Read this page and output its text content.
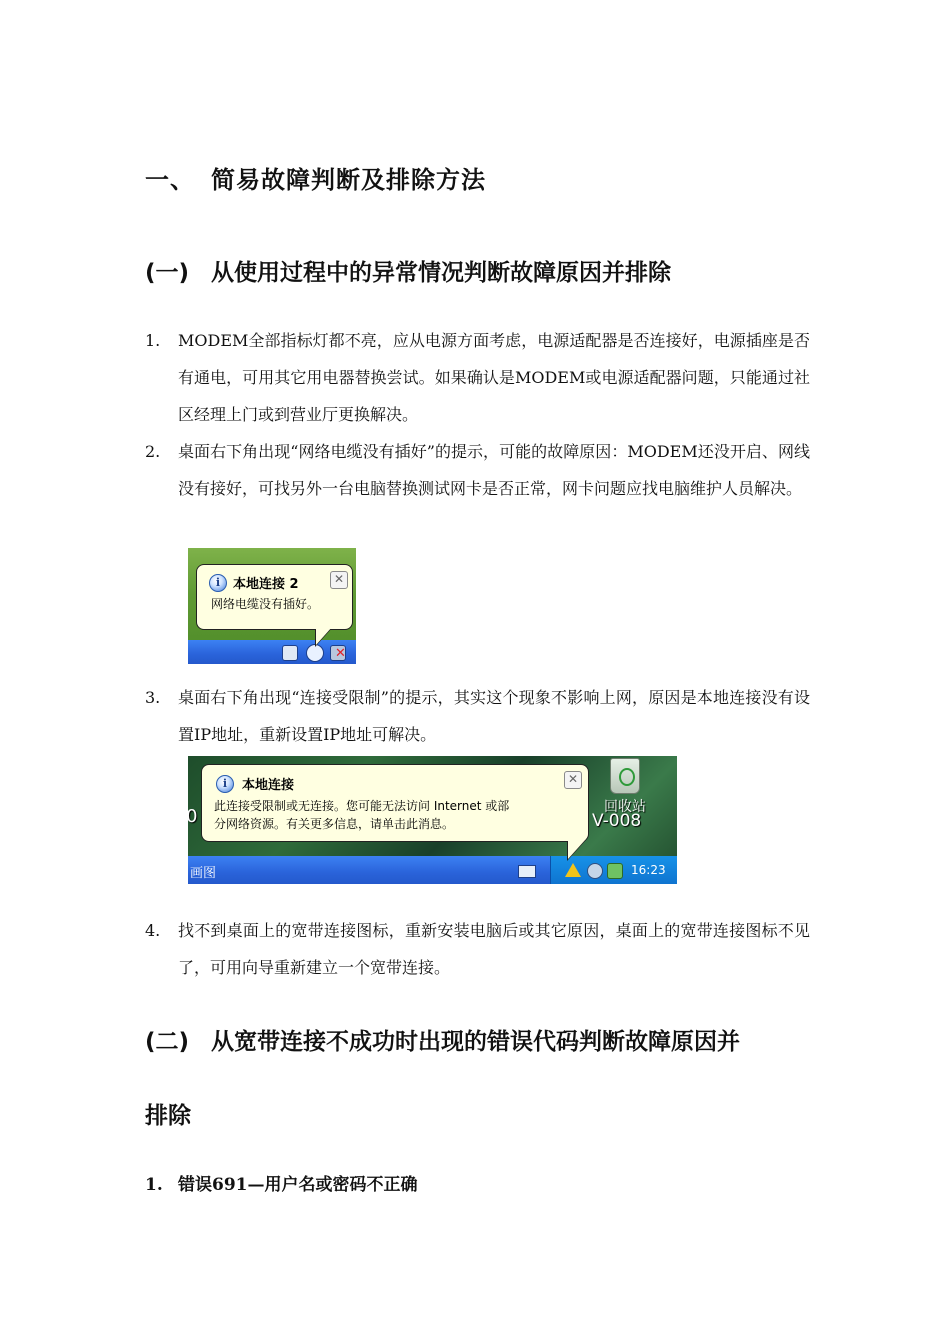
一、 简易故障判断及排除方法
(一) 从使用过程中的异常情况判断故障原因并排除
1.	MODEM全部指标灯都不亮，应从电源方面考虑，电源适配器是否连接好，电源插座是否有通电，可用其它用电器替换尝试。如果确认是MODEM或电源适配器问题，只能通过社区经理上门或到营业厅更换解决。
2.	桌面右下角出现“网络电缆没有插好”的提示，可能的故障原因：MODEM还没开启、网线没有接好，可找另外一台电脑替换测试网卡是否正常，网卡问题应找电脑维护人员解决。
✕
i 本地连接 2	✕
网络电缆没有插好。
3.	桌面右下角出现“连接受限制”的提示，其实这个现象不影响上网，原因是本地连接没有设置IP地址，重新设置IP地址可解决。
0	回收站
V-008
画图	16:23
i	本地连接	✕
此连接受限制或无连接。您可能无法访问 Internet 或部
分网络资源。有关更多信息，请单击此消息。
4.	找不到桌面上的宽带连接图标，重新安装电脑后或其它原因，桌面上的宽带连接图标不见了，可用向导重新建立一个宽带连接。
(二) 从宽带连接不成功时出现的错误代码判断故障原因并
排除
1. 错误691—用户名或密码不正确
